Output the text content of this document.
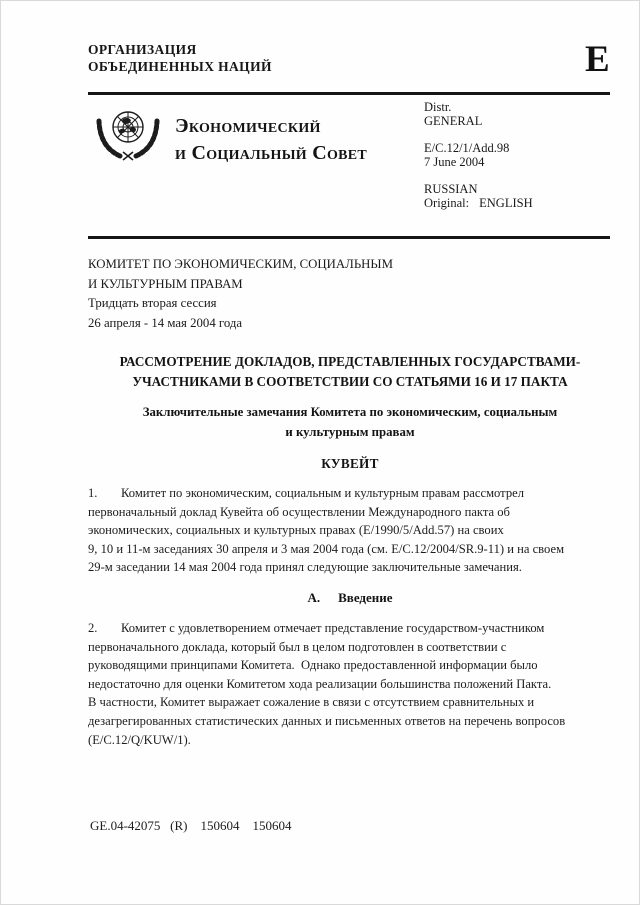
ОРГАНИЗАЦИЯ
ОБЪЕДИНЕННЫХ НАЦИЙ	E
Экономический
и Социальный Совет
Distr.
GENERAL
E/C.12/1/Add.98
7 June 2004
RUSSIAN
Original: ENGLISH
КОМИТЕТ ПО ЭКОНОМИЧЕСКИМ, СОЦИАЛЬНЫМ
И КУЛЬТУРНЫМ ПРАВАМ
Тридцать вторая сессия
26 апреля - 14 мая 2004 года
РАССМОТРЕНИЕ ДОКЛАДОВ, ПРЕДСТАВЛЕННЫХ ГОСУДАРСТВАМИ-
УЧАСТНИКАМИ В СООТВЕТСТВИИ СО СТАТЬЯМИ 16 И 17 ПАКТА
Заключительные замечания Комитета по экономическим, социальным
и культурным правам
КУВЕЙТ
1. Комитет по экономическим, социальным и культурным правам рассмотрел
первоначальный доклад Кувейта об осуществлении Международного пакта об
экономических, социальных и культурных правах (E/1990/5/Add.57) на своих
9, 10 и 11-м заседаниях 30 апреля и 3 мая 2004 года (см. E/C.12/2004/SR.9-11) и на своем
29-м заседании 14 мая 2004 года принял следующие заключительные замечания.
A. Введение
2. Комитет с удовлетворением отмечает представление государством-участником
первоначального доклада, который был в целом подготовлен в соответствии с
руководящими принципами Комитета.  Однако предоставленной информации было
недостаточно для оценки Комитетом хода реализации большинства положений Пакта.
В частности, Комитет выражает сожаление в связи с отсутствием сравнительных и
дезагрегированных статистических данных и письменных ответов на перечень вопросов
(E/C.12/Q/KUW/1).
GE.04-42075   (R)    150604    150604
